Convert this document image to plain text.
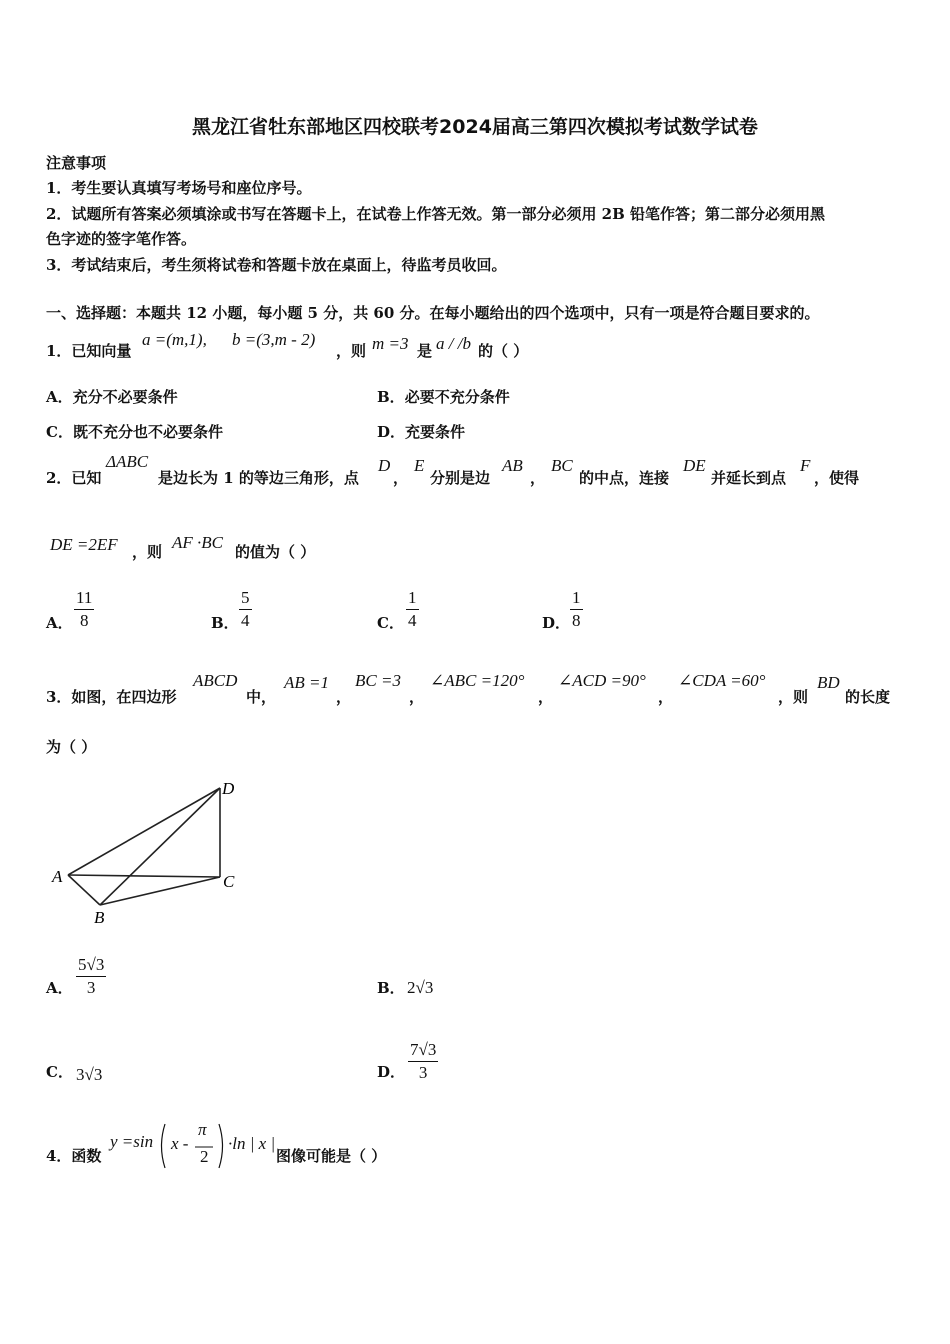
黑龙江省牡东部地区四校联考2024届高三第四次模拟考试数学试卷
注意事项
1．考生要认真填写考场号和座位序号。
2．试题所有答案必须填涂或书写在答题卡上，在试卷上作答无效。第一部分必须用 2B 铅笔作答；第二部分必须用黑
色字迹的签字笔作答。
3．考试结束后，考生须将试卷和答题卡放在桌面上，待监考员收回。
一、选择题：本题共 12 小题，每小题 5 分，共 60 分。在每小题给出的四个选项中，只有一项是符合题目要求的。
1．已知向量
a =(m,1), b =(3,m - 2)
，则 m =3 是 a / /b 的（ ）
A．充分不必要条件	B．必要不充分条件
C．既不充分也不必要条件	D．充要条件
2．已知
ΔABC
是边长为 1 的等边三角形，点
D
，
E
分别是边
AB
，
BC
的中点，连接
DE
并延长到点
F
，使得
DE =2EF ，则 AF ·BC 的值为（ ）
A． $\frac{11}{8}$	B． $\frac{5}{4}$	C． $\frac{1}{4}$	D． $\frac{1}{8}$
3．如图，在四边形
ABCD
中，
AB =1
，
BC =3
，
∠ABC =120°
，
∠ACD =90°
，
∠CDA =60°
，则
BD
的长度
为（ ）
A
B
C
D
A． $\frac{5√3}{3}$	B． 2√3
C． 3√3	D． $\frac{7√3}{3}$
4．函数
y =sin x -
π
2
·ln | x |
图像可能是（ ）
